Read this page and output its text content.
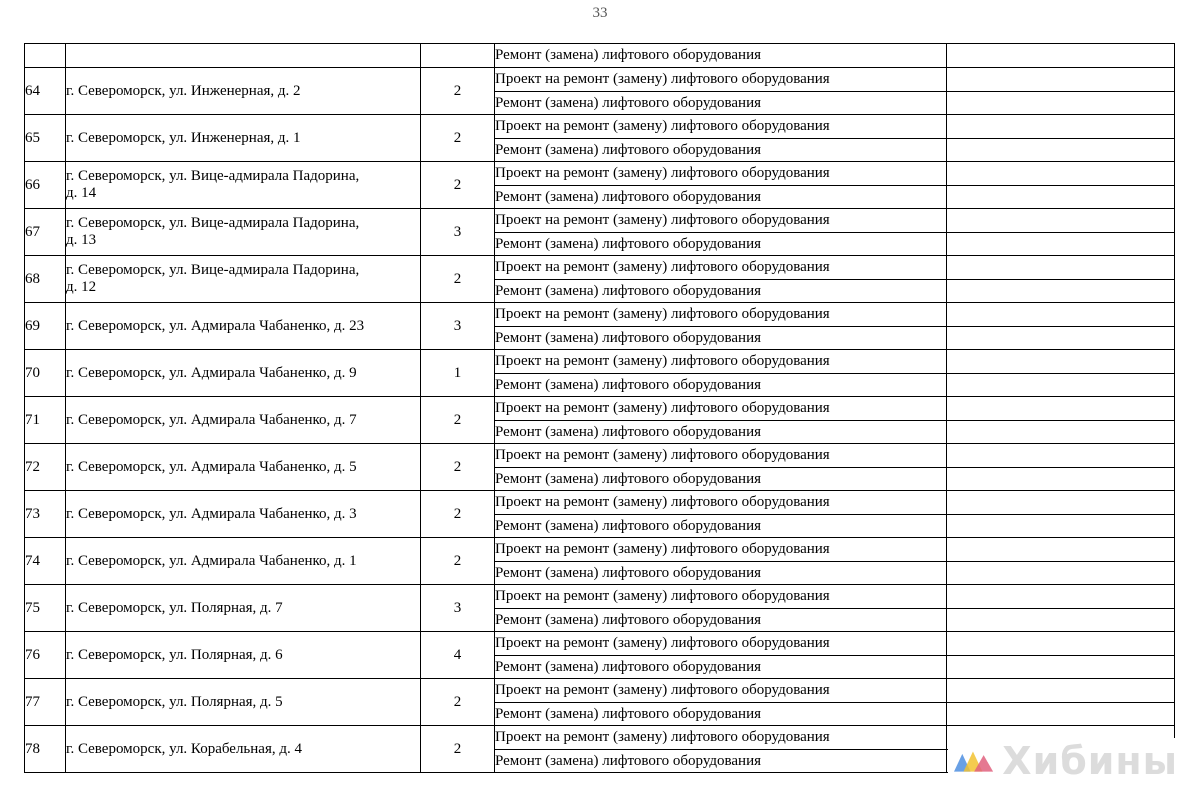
33
			Ремонт (замена) лифтового оборудования	
64	г. Североморск, ул. Инженерная, д. 2	2	Проект на ремонт (замену) лифтового оборудования	
			Ремонт (замена) лифтового оборудования	
65	г. Североморск, ул. Инженерная, д. 1	2	Проект на ремонт (замену) лифтового оборудования	
			Ремонт (замена) лифтового оборудования	
66	г. Североморск, ул. Вице-адмирала Падорина,
д. 14	2	Проект на ремонт (замену) лифтового оборудования	
			Ремонт (замена) лифтового оборудования	
67	г. Североморск, ул. Вице-адмирала Падорина,
д. 13	3	Проект на ремонт (замену) лифтового оборудования	
			Ремонт (замена) лифтового оборудования	
68	г. Североморск, ул. Вице-адмирала Падорина,
д. 12	2	Проект на ремонт (замену) лифтового оборудования	
			Ремонт (замена) лифтового оборудования	
69	г. Североморск, ул. Адмирала Чабаненко, д. 23	3	Проект на ремонт (замену) лифтового оборудования	
			Ремонт (замена) лифтового оборудования	
70	г. Североморск, ул. Адмирала Чабаненко, д. 9	1	Проект на ремонт (замену) лифтового оборудования	
			Ремонт (замена) лифтового оборудования	
71	г. Североморск, ул. Адмирала Чабаненко, д. 7	2	Проект на ремонт (замену) лифтового оборудования	
			Ремонт (замена) лифтового оборудования	
72	г. Североморск, ул. Адмирала Чабаненко, д. 5	2	Проект на ремонт (замену) лифтового оборудования	
			Ремонт (замена) лифтового оборудования	
73	г. Североморск, ул. Адмирала Чабаненко, д. 3	2	Проект на ремонт (замену) лифтового оборудования	
			Ремонт (замена) лифтового оборудования	
74	г. Североморск, ул. Адмирала Чабаненко, д. 1	2	Проект на ремонт (замену) лифтового оборудования	
			Ремонт (замена) лифтового оборудования	
75	г. Североморск, ул. Полярная, д. 7	3	Проект на ремонт (замену) лифтового оборудования	
			Ремонт (замена) лифтового оборудования	
76	г. Североморск, ул. Полярная, д. 6	4	Проект на ремонт (замену) лифтового оборудования	
			Ремонт (замена) лифтового оборудования	
77	г. Североморск, ул. Полярная, д. 5	2	Проект на ремонт (замену) лифтового оборудования	
			Ремонт (замена) лифтового оборудования	
78	г. Североморск, ул. Корабельная, д. 4	2	Проект на ремонт (замену) лифтового оборудования	
			Ремонт (замена) лифтового оборудования		Хибины
